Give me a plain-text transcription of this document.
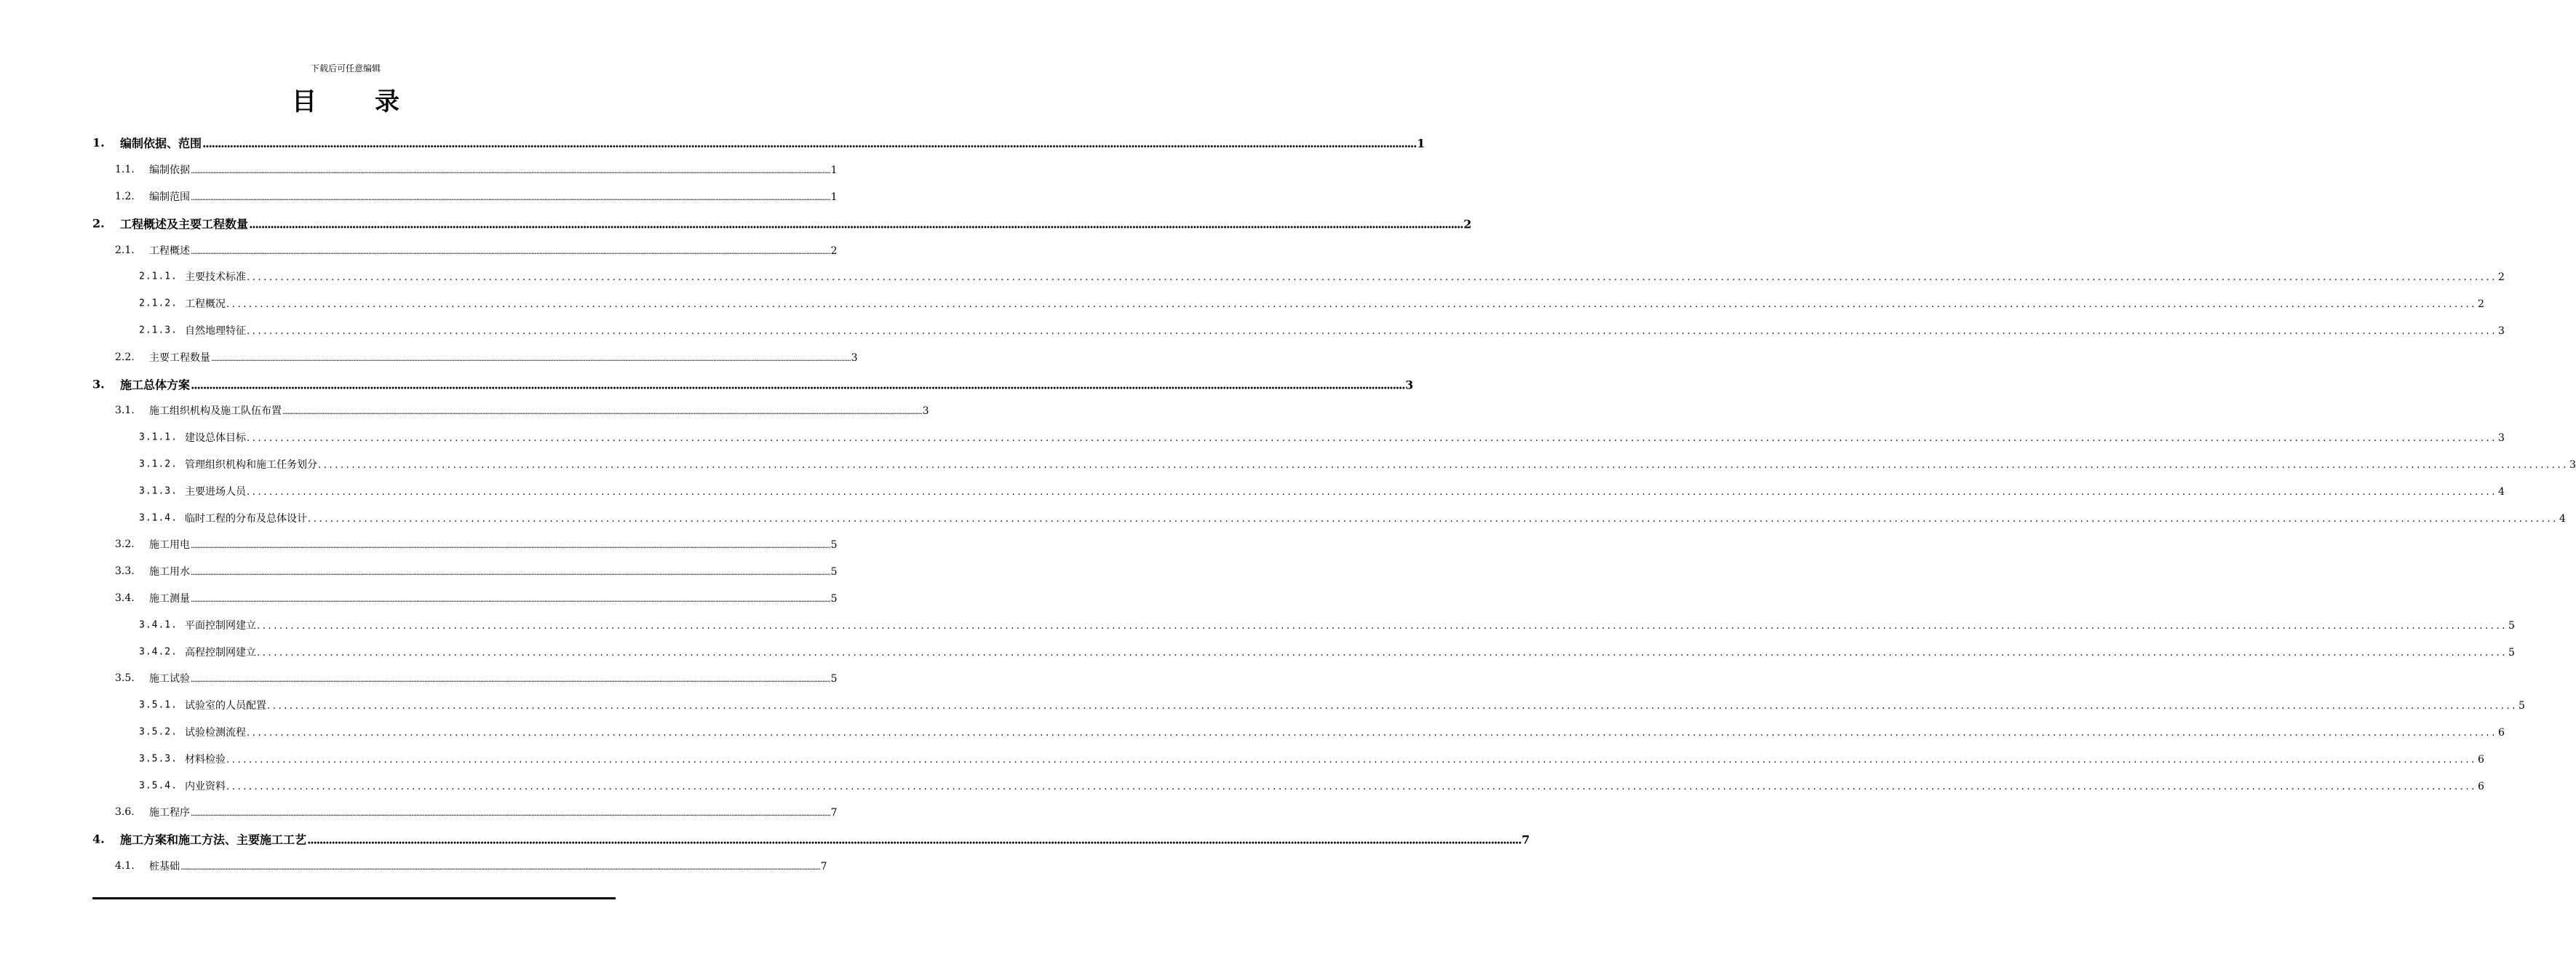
下载后可任意编辑
目 录
1. 编制依据、范围 ................................................................................................................................................................................................................................................................................................................................................................................................................ 1
1.1. 编制依据 ................................................................................................................................................................................................................................................................................................................................................................................................................ 1
1.2. 编制范围 ................................................................................................................................................................................................................................................................................................................................................................................................................ 1
2. 工程概述及主要工程数量 ................................................................................................................................................................................................................................................................................................................................................................................................................ 2
2.1. 工程概述 ................................................................................................................................................................................................................................................................................................................................................................................................................ 2
2.1.1. 主要技术标准 ................................................................................................................................................................................................................................................................................................................................................................................................................ 2
2.1.2. 工程概况 ................................................................................................................................................................................................................................................................................................................................................................................................................ 2
2.1.3. 自然地理特征 ................................................................................................................................................................................................................................................................................................................................................................................................................ 3
2.2. 主要工程数量 ................................................................................................................................................................................................................................................................................................................................................................................................................ 3
3. 施工总体方案 ................................................................................................................................................................................................................................................................................................................................................................................................................ 3
3.1. 施工组织机构及施工队伍布置 ................................................................................................................................................................................................................................................................................................................................................................................................................ 3
3.1.1. 建设总体目标 ................................................................................................................................................................................................................................................................................................................................................................................................................ 3
3.1.2. 管理组织机构和施工任务划分 ................................................................................................................................................................................................................................................................................................................................................................................................................ 3
3.1.3. 主要进场人员 ................................................................................................................................................................................................................................................................................................................................................................................................................ 4
3.1.4. 临时工程的分布及总体设计 ................................................................................................................................................................................................................................................................................................................................................................................................................ 4
3.2. 施工用电 ................................................................................................................................................................................................................................................................................................................................................................................................................ 5
3.3. 施工用水 ................................................................................................................................................................................................................................................................................................................................................................................................................ 5
3.4. 施工测量 ................................................................................................................................................................................................................................................................................................................................................................................................................ 5
3.4.1. 平面控制网建立 ................................................................................................................................................................................................................................................................................................................................................................................................................ 5
3.4.2. 高程控制网建立 ................................................................................................................................................................................................................................................................................................................................................................................................................ 5
3.5. 施工试验 ................................................................................................................................................................................................................................................................................................................................................................................................................ 5
3.5.1. 试验室的人员配置 ................................................................................................................................................................................................................................................................................................................................................................................................................ 5
3.5.2. 试验检测流程 ................................................................................................................................................................................................................................................................................................................................................................................................................ 6
3.5.3. 材料检验 ................................................................................................................................................................................................................................................................................................................................................................................................................ 6
3.5.4. 内业资料 ................................................................................................................................................................................................................................................................................................................................................................................................................ 6
3.6. 施工程序 ................................................................................................................................................................................................................................................................................................................................................................................................................ 7
4. 施工方案和施工方法、主要施工工艺 ................................................................................................................................................................................................................................................................................................................................................................................................................ 7
4.1. 桩基础 ................................................................................................................................................................................................................................................................................................................................................................................................................ 7
